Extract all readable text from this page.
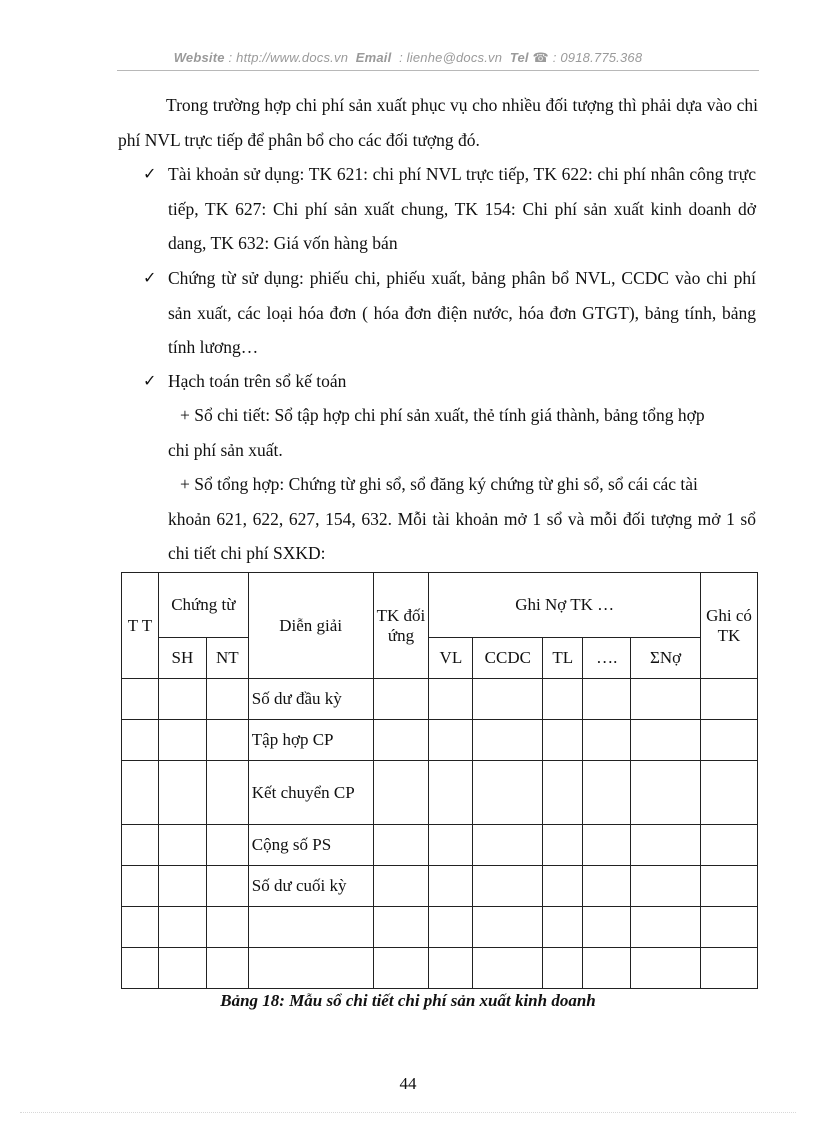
Website : http://www.docs.vn Email : lienhe@docs.vn Tel ☎ : 0918.775.368
Trong trường hợp chi phí sản xuất phục vụ cho nhiều đối tượng thì phải dựa vào chi phí NVL trực tiếp để phân bổ cho các đối tượng đó.
✓ Tài khoản sử dụng: TK 621: chi phí NVL trực tiếp, TK 622: chi phí nhân công trực tiếp, TK 627: Chi phí sản xuất chung, TK 154: Chi phí sản xuất kinh doanh dở dang, TK 632: Giá vốn hàng bán
✓ Chứng từ sử dụng: phiếu chi, phiếu xuất, bảng phân bổ NVL, CCDC vào chi phí sản xuất, các loại hóa đơn ( hóa đơn điện nước, hóa đơn GTGT), bảng tính, bảng tính lương…
✓ Hạch toán trên sổ kế toán
+ Sổ chi tiết: Sổ tập hợp chi phí sản xuất, thẻ tính giá thành, bảng tổng hợp
chi phí sản xuất.
+ Sổ tổng hợp: Chứng từ ghi sổ, sổ đăng ký chứng từ ghi sổ, sổ cái các tài
khoản 621, 622, 627, 154, 632. Mỗi tài khoản mở 1 sổ và mỗi đối tượng mở 1 sổ chi tiết chi phí SXKD:
T T	Chứng từ		Diễn giải	TK đối ứng	Ghi Nợ TK …					Ghi có TK
	SH	NT			VL	CCDC	TL	….	ΣNợ	
			Số dư đầu kỳ							
			Tập hợp CP							
			Kết chuyển CP							
			Cộng số PS							
			Số dư cuối kỳ							

Bảng 18: Mẫu sổ chi tiết chi phí sản xuất kinh doanh
44
